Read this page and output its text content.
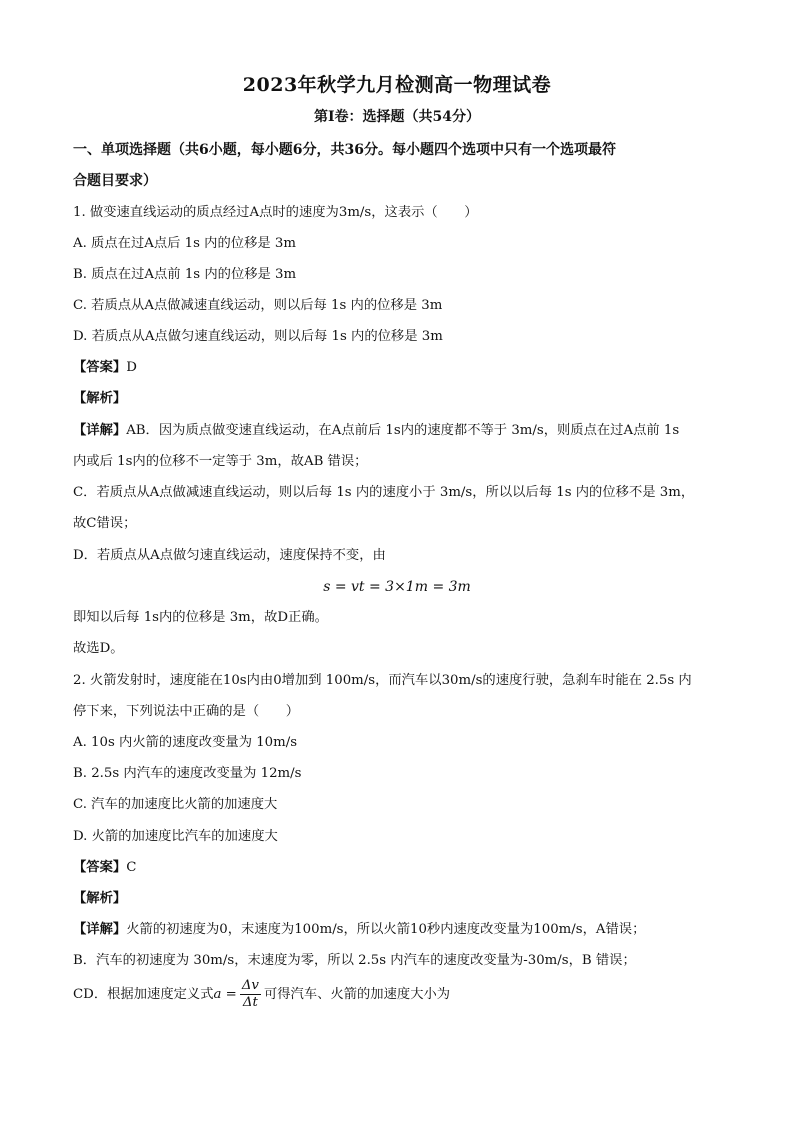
2023年秋学九月检测高一物理试卷
第I卷：选择题（共54分）
一、单项选择题（共6小题，每小题6分，共36分。每小题四个选项中只有一个选项最符
合题目要求）
1. 做变速直线运动的质点经过A点时的速度为3m/s，这表示（　　）
A. 质点在过A点后 1s 内的位移是 3m
B. 质点在过A点前 1s 内的位移是 3m
C. 若质点从A点做减速直线运动，则以后每 1s 内的位移是 3m
D. 若质点从A点做匀速直线运动，则以后每 1s 内的位移是 3m
【答案】D
【解析】
【详解】AB．因为质点做变速直线运动，在A点前后 1s内的速度都不等于 3m/s，则质点在过A点前 1s
内或后 1s内的位移不一定等于 3m，故AB 错误；
C．若质点从A点做减速直线运动，则以后每 1s 内的速度小于 3m/s，所以以后每 1s 内的位移不是 3m，
故C错误；
D．若质点从A点做匀速直线运动，速度保持不变，由
s = vt = 3×1m = 3m
即知以后每 1s内的位移是 3m，故D正确。
故选D。
2. 火箭发射时，速度能在10s内由0增加到 100m/s，而汽车以30m/s的速度行驶，急刹车时能在 2.5s 内
停下来，下列说法中正确的是（　　）
A. 10s 内火箭的速度改变量为 10m/s
B. 2.5s 内汽车的速度改变量为 12m/s
C. 汽车的加速度比火箭的加速度大
D. 火箭的加速度比汽车的加速度大
【答案】C
【解析】
【详解】火箭的初速度为0，末速度为100m/s，所以火箭10秒内速度改变量为100m/s，A错误；
B．汽车的初速度为 30m/s，末速度为零，所以 2.5s 内汽车的速度改变量为-30m/s，B 错误；
CD．根据加速度定义式$a = \frac{\Delta v}{\Delta t}$ 可得汽车、火箭的加速度大小为
